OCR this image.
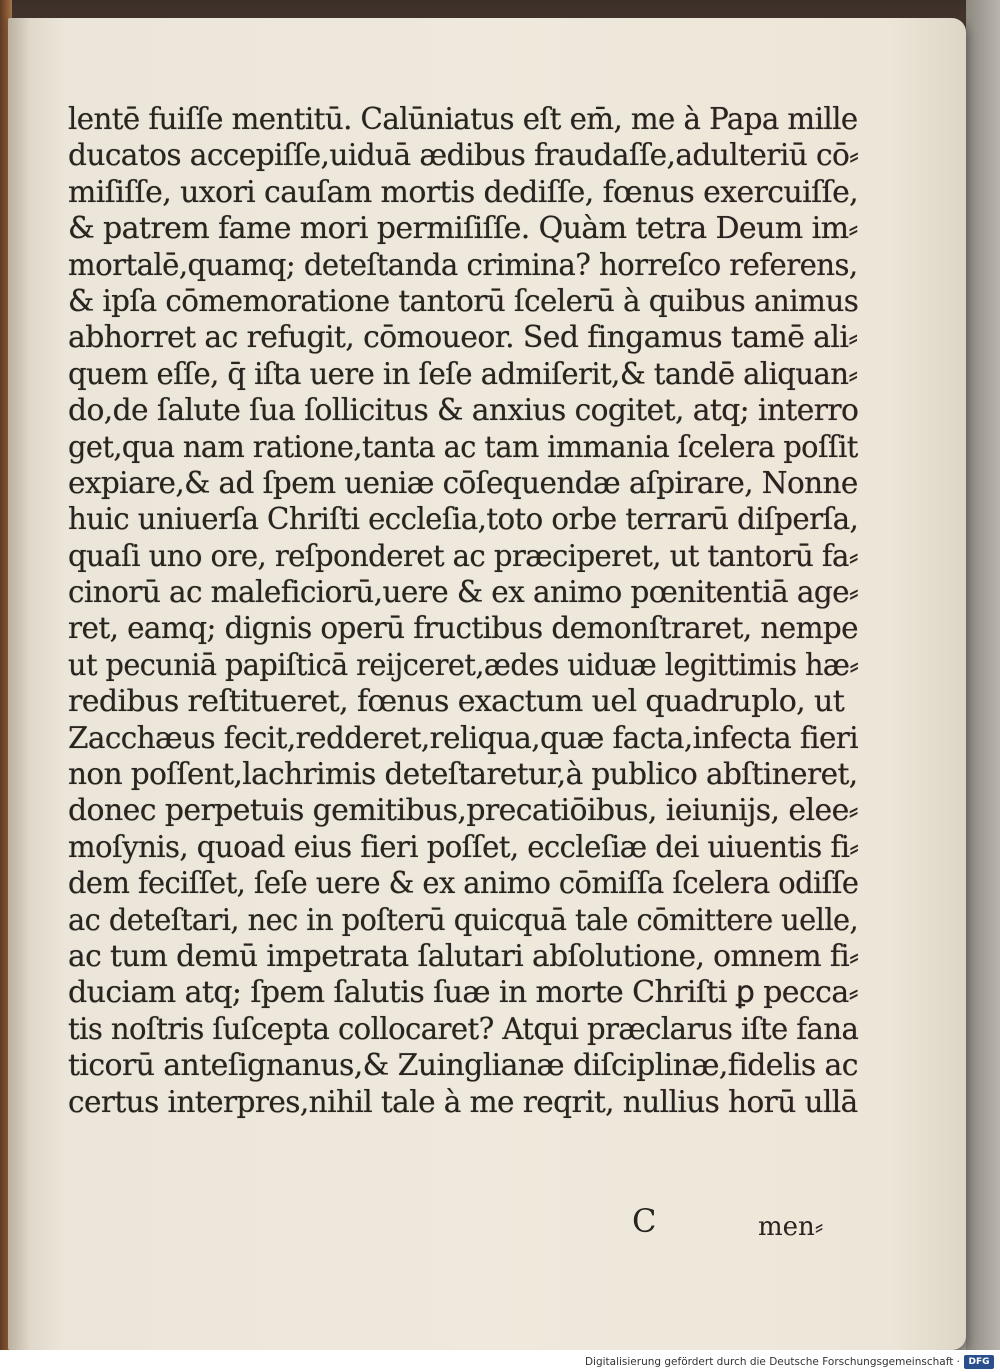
lentē fuiſſe mentitū. Calūniatus eſt em̄, me à Papa mille
ducatos accepiſſe,uiduā ædibus fraudaſſe,adulteriū cō⸗
miſiſſe, uxori cauſam mortis dediſſe, fœnus exercuiſſe,
& patrem fame mori permiſiſſe. Quàm tetra Deum im⸗
mortalē,quamq; deteſtanda crimina? horreſco referens,
& ipſa cōmemoratione tantorū ſcelerū à quibus animus
abhorret ac refugit, cōmoueor. Sed fingamus tamē ali⸗
quem eſſe, q̄ iſta uere in ſeſe admiſerit,& tandē aliquan⸗
do,de ſalute ſua ſollicitus & anxius cogitet, atq; interro
get,qua nam ratione,tanta ac tam immania ſcelera poſſit
expiare,& ad ſpem ueniæ cōſequendæ aſpirare, Nonne
huic uniuerſa Chriſti eccleſia,toto orbe terrarū diſperſa,
quaſi uno ore, reſponderet ac præciperet, ut tantorū fa⸗
cinorū ac maleficiorū,uere & ex animo pœnitentiā age⸗
ret, eamq; dignis operū fructibus demonſtraret, nempe
ut pecuniā papiſticā reijceret,ædes uiduæ legittimis hæ⸗
redibus reſtitueret, fœnus exactum uel quadruplo, ut
Zacchæus fecit,redderet,reliqua,quæ facta,infecta fieri
non poſſent,lachrimis deteſtaretur,à publico abſtineret,
donec perpetuis gemitibus,precatiōibus, ieiunijs, elee⸗
moſynis, quoad eius fieri poſſet, eccleſiæ dei uiuentis fi⸗
dem feciſſet, ſeſe uere & ex animo cōmiſſa ſcelera odiſſe
ac deteſtari, nec in poſterū quicquā tale cōmittere uelle,
ac tum demū impetrata ſalutari abſolutione, omnem fi⸗
duciam atq; ſpem ſalutis ſuæ in morte Chriſti ꝑ pecca⸗
tis noſtris ſuſcepta collocaret? Atqui præclarus iſte fana
ticorū anteſignanus,& Zuinglianæ diſciplinæ,fidelis ac
certus interpres,nihil tale à me reqrit, nullius horū ullā
C	men⸗
Digitalisierung gefördert durch die Deutsche Forschungsgemeinschaft · DFG
